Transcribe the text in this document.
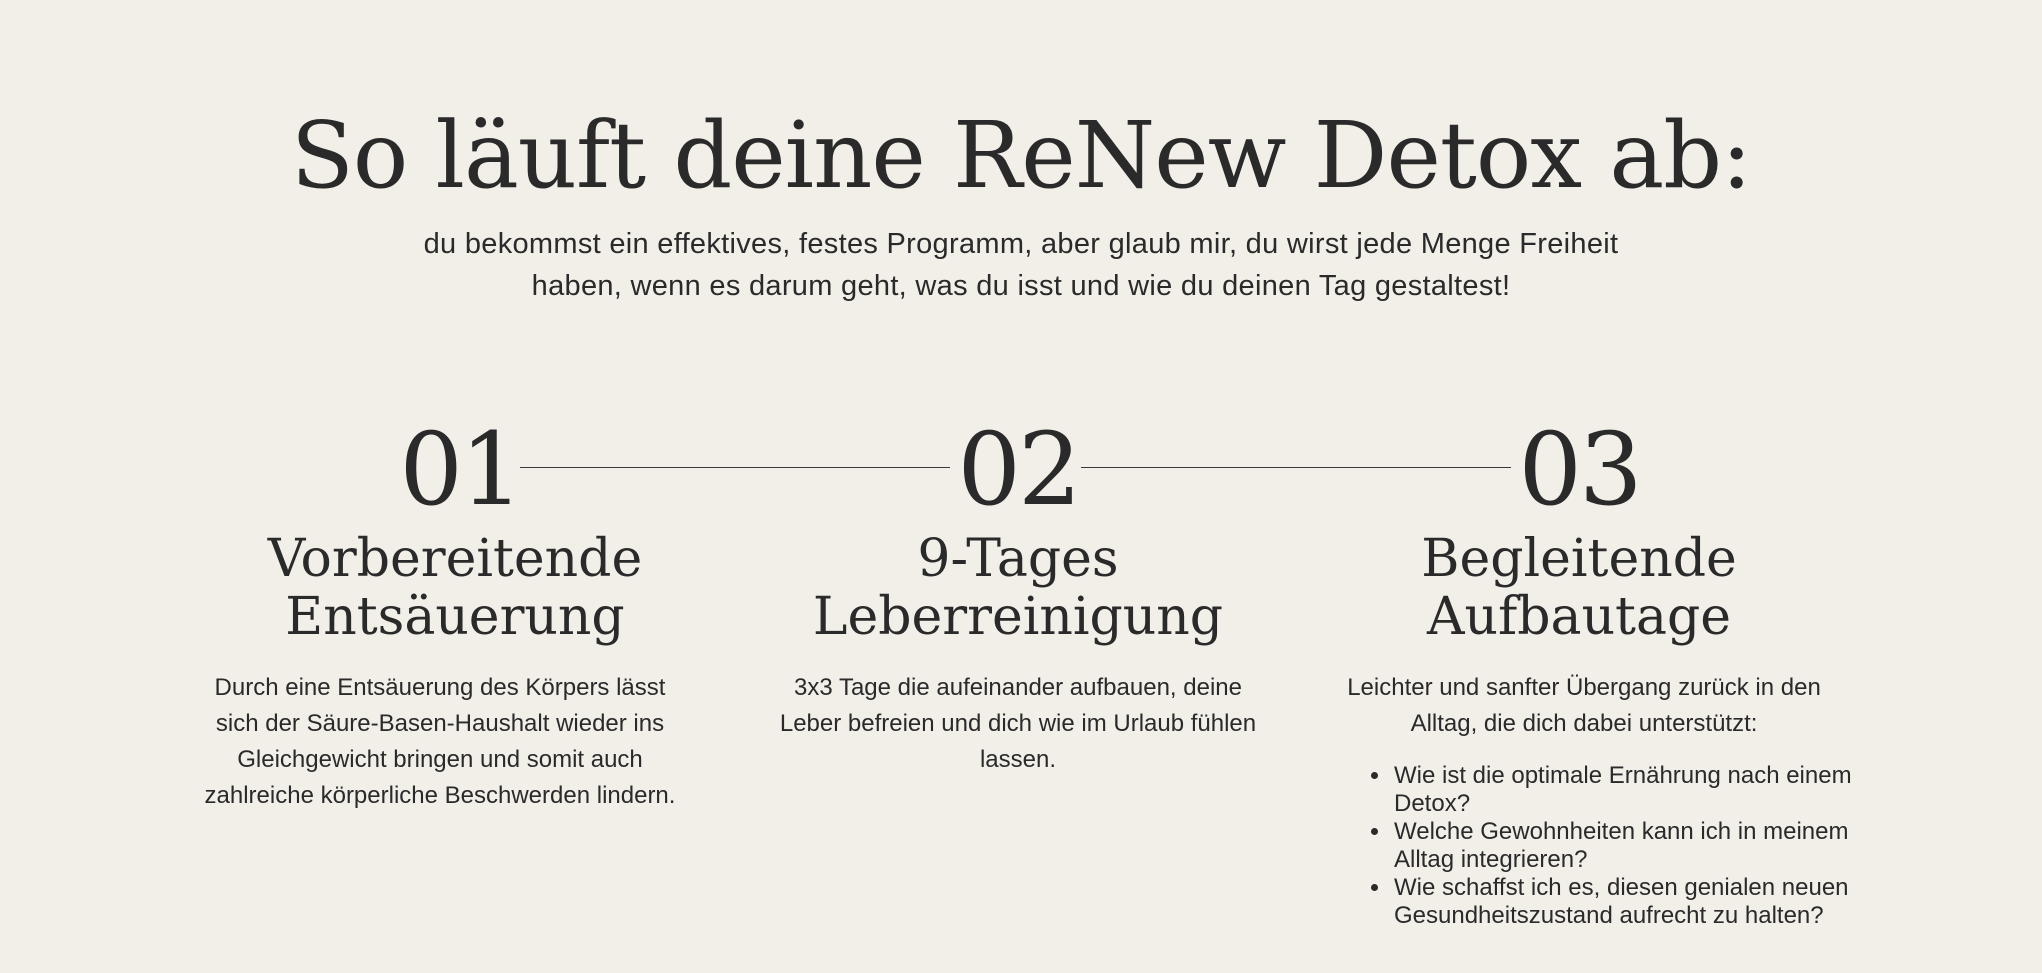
So läuft deine ReNew Detox ab:

du bekommst ein effektives, festes Programm, aber glaub mir, du wirst jede Menge Freiheit haben, wenn es darum geht, was du isst und wie du deinen Tag gestaltest!

01	02	03
Vorbereitende Entsäuerung
9-Tages Leberreinigung
Begleitende Aufbautage

Durch eine Entsäuerung des Körpers lässt sich der Säure-Basen-Haushalt wieder ins Gleichgewicht bringen und somit auch zahlreiche körperliche Beschwerden lindern.

3x3 Tage die aufeinander aufbauen, deine Leber befreien und dich wie im Urlaub fühlen lassen.

Leichter und sanfter Übergang zurück in den Alltag, die dich dabei unterstützt:

• Wie ist die optimale Ernährung nach einem Detox?
• Welche Gewohnheiten kann ich in meinem Alltag integrieren?
• Wie schaffst ich es, diesen genialen neuen Gesundheitszustand aufrecht zu halten?
